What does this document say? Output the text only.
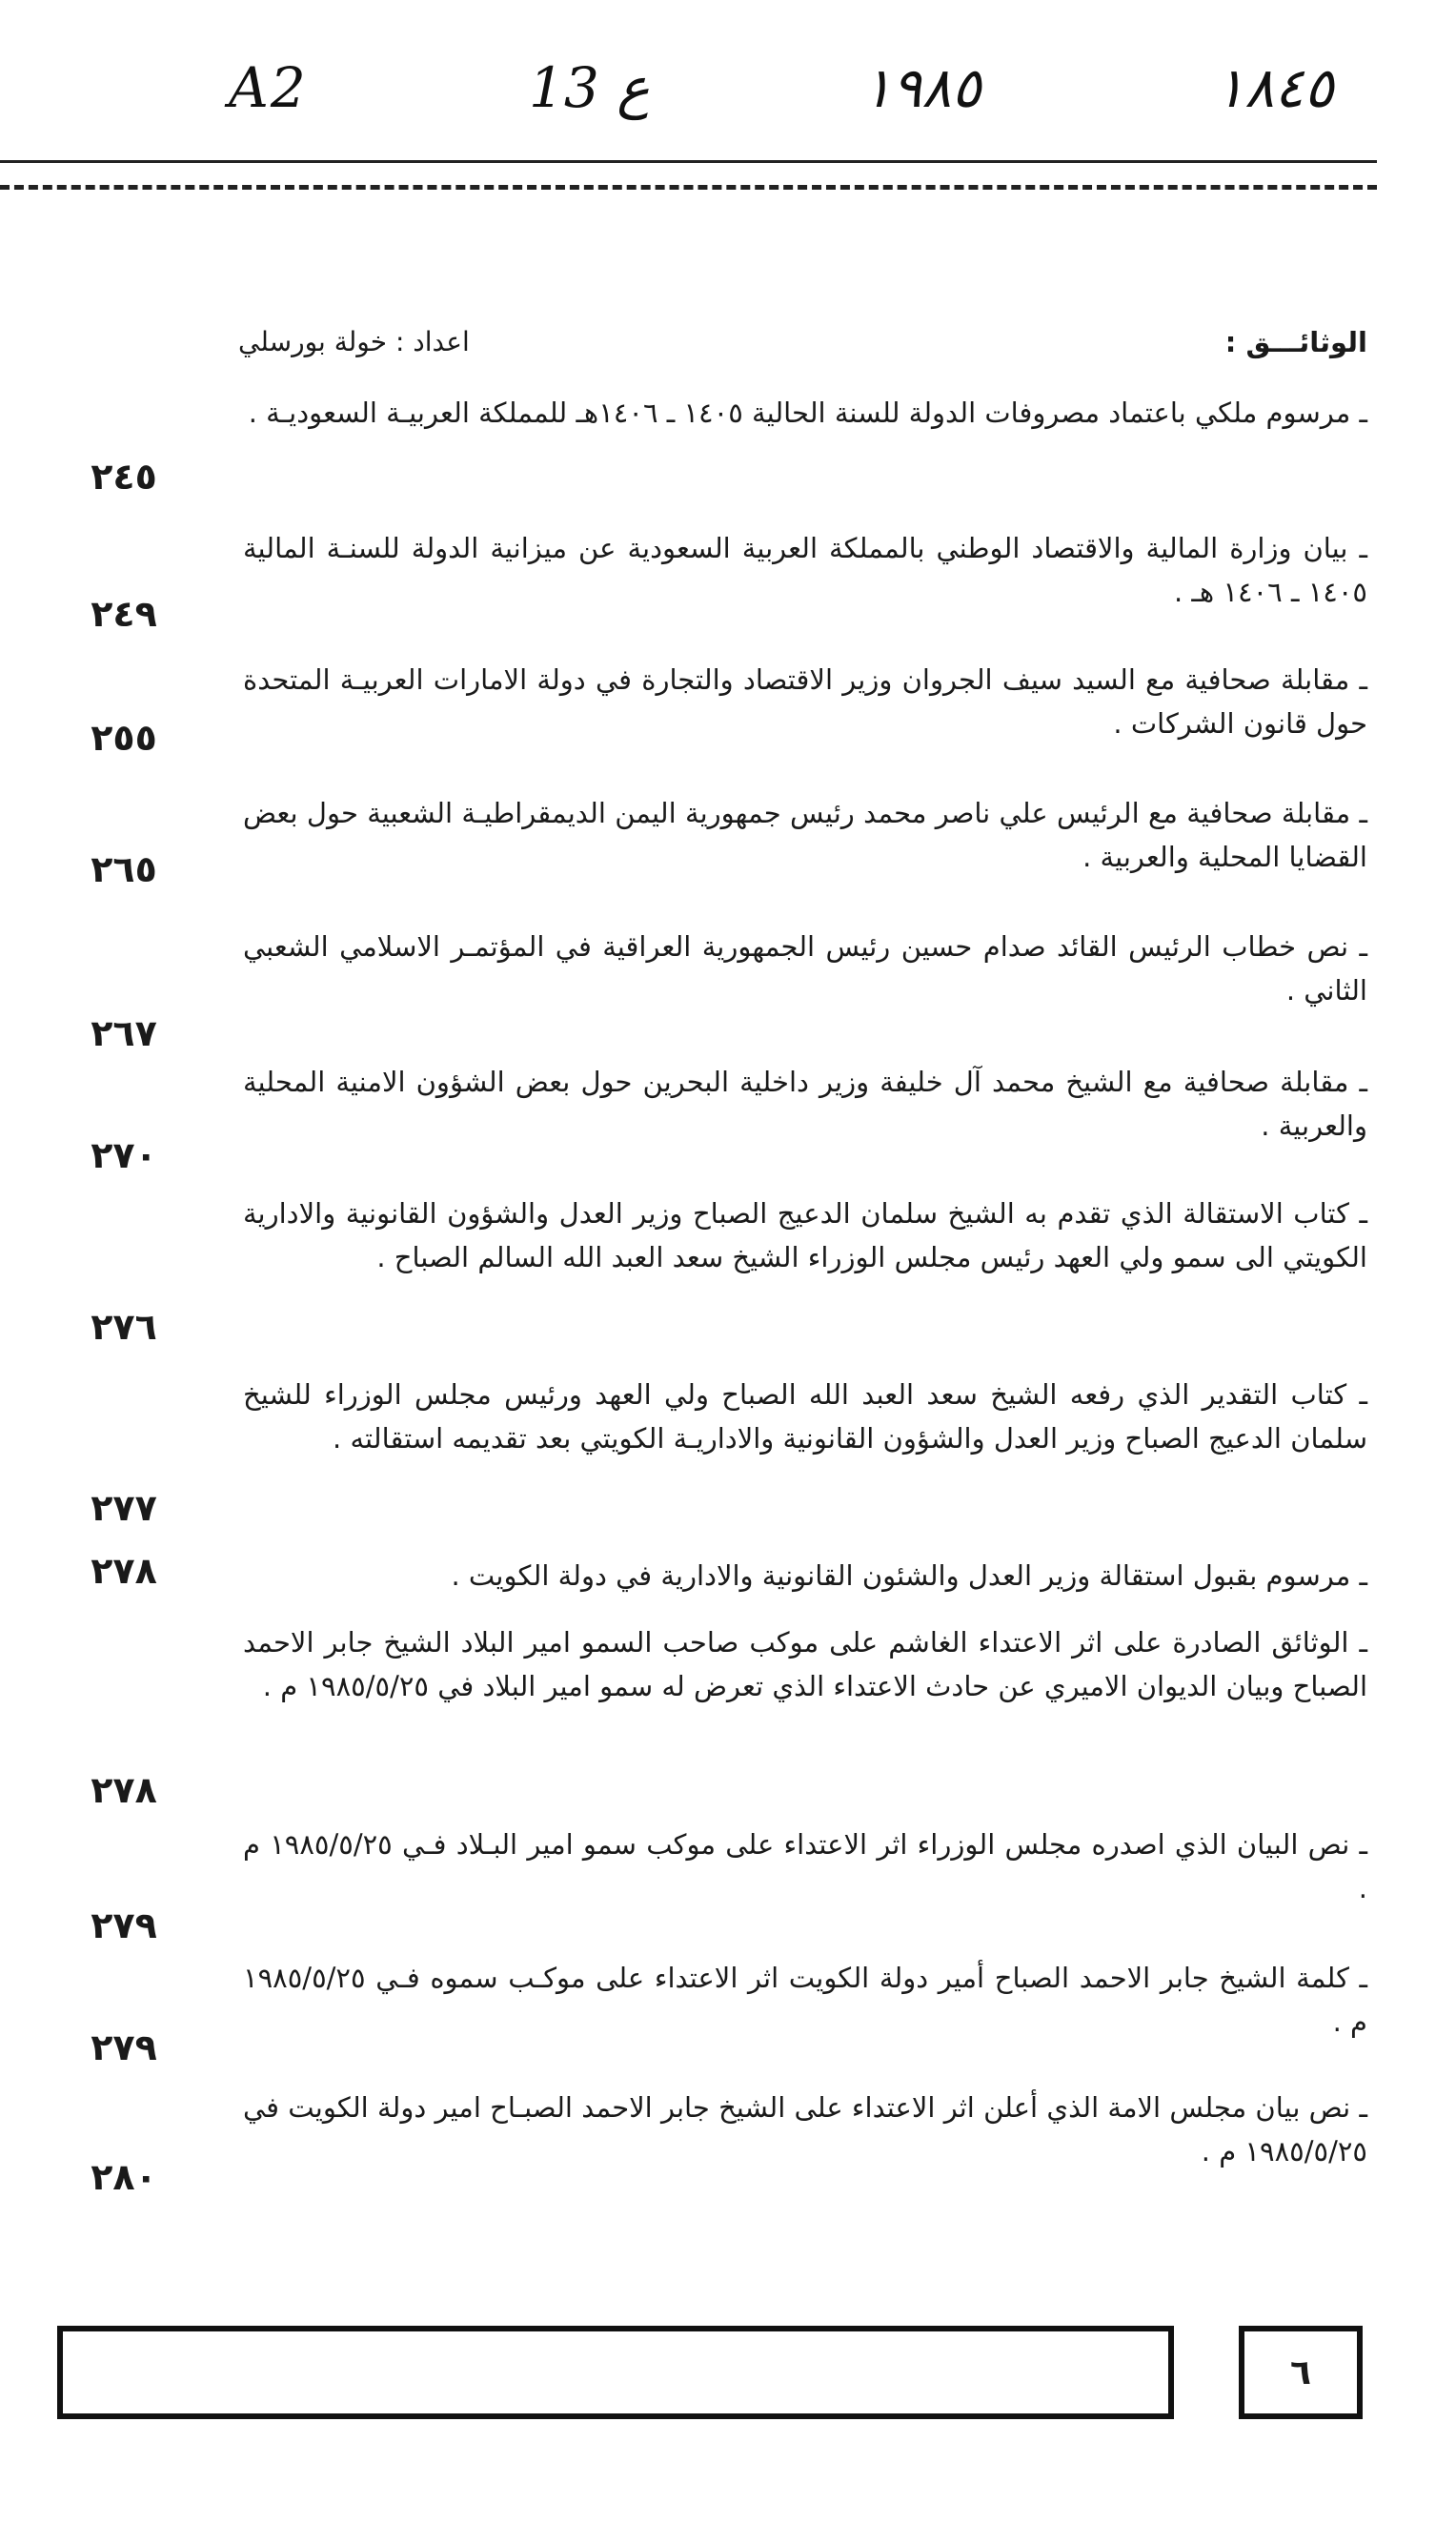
A2	13 ع	١٩٨٥	١٨٤٥
الوثائـــق :
اعداد : خولة بورسلي
ـ مرسوم ملكي باعتماد مصروفات الدولة للسنة الحالية ١٤٠٥ ـ ١٤٠٦هـ للمملكة العربيـة السعوديـة .
٢٤٥
ـ بيان وزارة المالية والاقتصاد الوطني بالمملكة العربية السعودية عن ميزانية الدولة للسنـة المالية ١٤٠٥ ـ ١٤٠٦ هـ .
٢٤٩
ـ مقابلة صحافية مع السيد سيف الجروان وزير الاقتصاد والتجارة في دولة الامارات العربيـة المتحدة حول قانون الشركات .
٢٥٥
ـ مقابلة صحافية مع الرئيس علي ناصر محمد رئيس جمهورية اليمن الديمقراطيـة الشعبية حول بعض القضايا المحلية والعربية .
٢٦٥
ـ نص خطاب الرئيس القائد صدام حسين رئيس الجمهورية العراقية في المؤتمـر الاسلامي الشعبي الثاني .
٢٦٧
ـ مقابلة صحافية مع الشيخ محمد آل خليفة وزير داخلية البحرين حول بعض الشؤون الامنية المحلية والعربية .
٢٧٠
ـ كتاب الاستقالة الذي تقدم به الشيخ سلمان الدعيج الصباح وزير العدل والشؤون القانونية والادارية الكويتي الى سمو ولي العهد رئيس مجلس الوزراء الشيخ سعد العبد الله السالم الصباح .
٢٧٦
ـ كتاب التقدير الذي رفعه الشيخ سعد العبد الله الصباح ولي العهد ورئيس مجلس الوزراء للشيخ سلمان الدعيج الصباح وزير العدل والشؤون القانونية والاداريـة الكويتي بعد تقديمه استقالته .
٢٧٧
ـ مرسوم بقبول استقالة وزير العدل والشئون القانونية والادارية في دولة الكويت .
٢٧٨
ـ الوثائق الصادرة على اثر الاعتداء الغاشم على موكب صاحب السمو امير البلاد الشيخ جابر الاحمد الصباح وبيان الديوان الاميري عن حادث الاعتداء الذي تعرض له سمو امير البلاد في ١٩٨٥/٥/٢٥ م .
٢٧٨
ـ نص البيان الذي اصدره مجلس الوزراء اثر الاعتداء على موكب سمو امير البـلاد فـي ١٩٨٥/٥/٢٥ م .
٢٧٩
ـ كلمة الشيخ جابر الاحمد الصباح أمير دولة الكويت اثر الاعتداء على موكـب سموه فـي ١٩٨٥/٥/٢٥ م .
٢٧٩
ـ نص بيان مجلس الامة الذي أعلن اثر الاعتداء على الشيخ جابر الاحمد الصبـاح امير دولة الكويت في ١٩٨٥/٥/٢٥ م .
٢٨٠
٦
